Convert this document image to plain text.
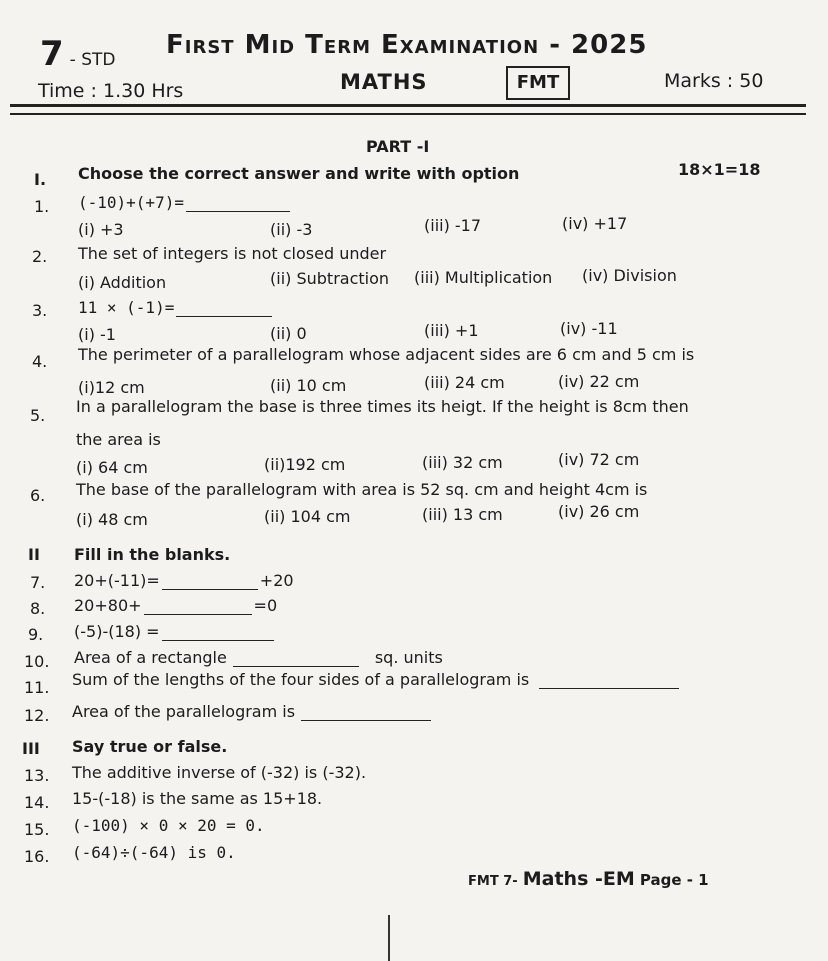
7 - STD First Mid Term Examination - 2025
Time : 1.30 Hrs	MATHS	FMT	Marks : 50
PART -I
I. Choose the correct answer and write with option	18×1=18
1. (-10)+(+7)=
(i) +3	(ii) -3	(iii) -17	(iv) +17
2. The set of integers is not closed under
(i) Addition	(ii) Subtraction (iii) Multiplication (iv) Division
3. 11 × (-1)=
(i) -1	(ii) 0	(iii) +1	(iv) -11
4. The perimeter of a parallelogram whose adjacent sides are 6 cm and 5 cm is
(i)12 cm	(ii) 10 cm	(iii) 24 cm	(iv) 22 cm
5. In a parallelogram the base is three times its heigt. If the height is 8cm then
the area is
(i) 64 cm	(ii)192 cm	(iii) 32 cm	(iv) 72 cm
6. The base of the parallelogram with area is 52 sq. cm and height 4cm is
(i) 48 cm	(ii) 104 cm	(iii) 13 cm	(iv) 26 cm
II Fill in the blanks.
7. 20+(-11)=	+20
8. 20+80+	=0
9. (-5)-(18) =
10. Area of a rectangle	sq. units
11. Sum of the lengths of the four sides of a parallelogram is
12. Area of the parallelogram is
III Say true or false.
13. The additive inverse of (-32) is (-32).
14. 15-(-18) is the same as 15+18.
15. (-100) × 0 × 20 = 0.
16. (-64)÷(-64) is 0.
FMT 7- Maths -EM Page - 1
